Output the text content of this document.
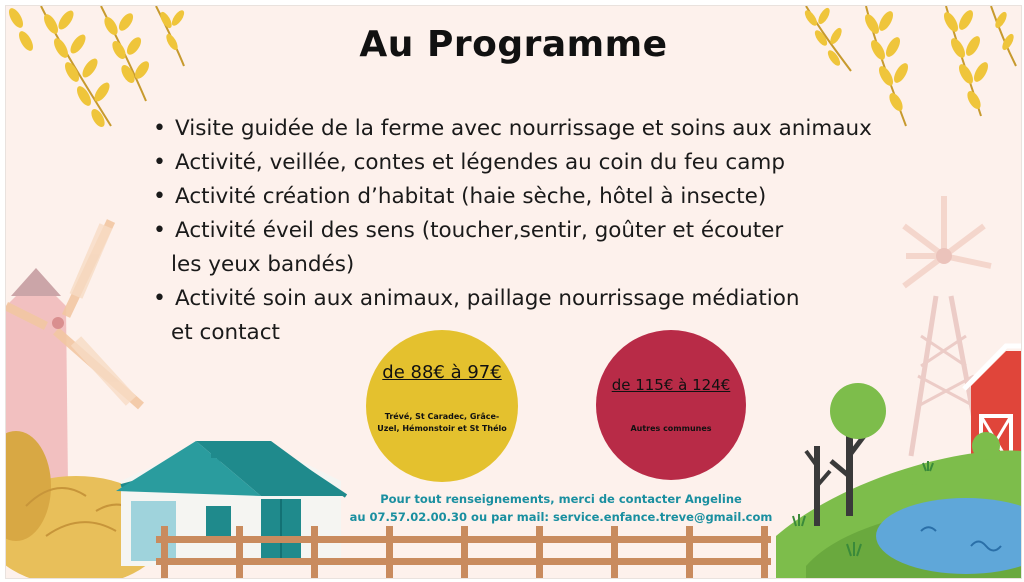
Au Programme
• Visite guidée de la ferme avec nourrissage et soins aux animaux
• Activité, veillée, contes et légendes au coin du feu camp
• Activité création d’habitat (haie sèche, hôtel à insecte)
• Activité éveil des sens (toucher,sentir, goûter et écouter
les yeux bandés)
• Activité soin aux animaux, paillage nourrissage médiation
et contact
de 88€ à 97€
Trévé, St Caradec, Grâce-Uzel, Hémonstoir et St Thélo
de 115€ à 124€
Autres communes
Pour tout renseignements, merci de contacter Angeline
au 07.57.02.00.30 ou par mail: service.enfance.treve@gmail.com
